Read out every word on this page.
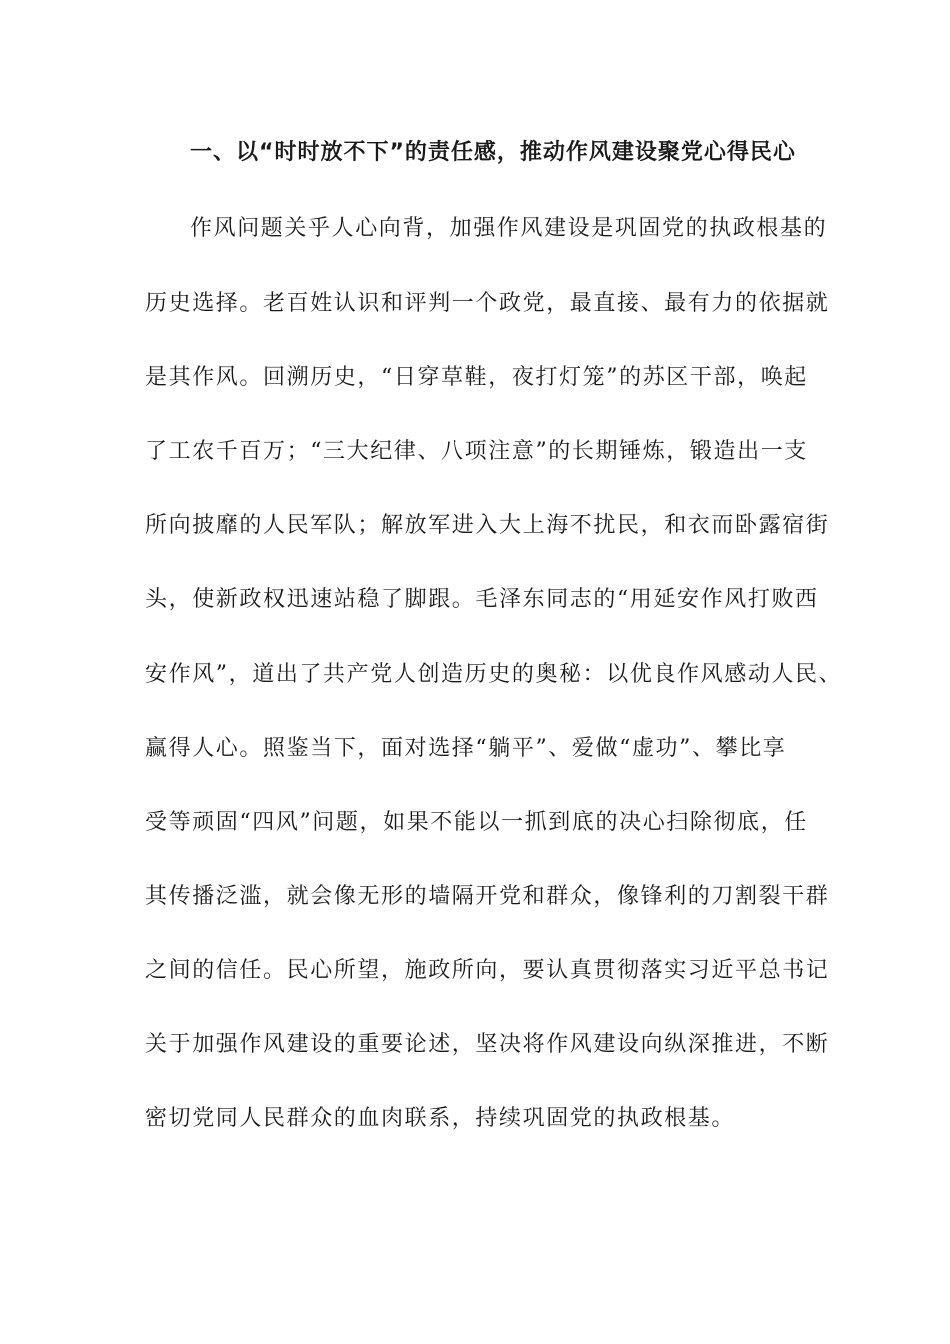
一、以“时时放不下”的责任感，推动作风建设聚党心得民心
作风问题关乎人心向背，加强作风建设是巩固党的执政根基的
历史选择。老百姓认识和评判一个政党，最直接、最有力的依据就
是其作风。回溯历史，“日穿草鞋，夜打灯笼”的苏区干部，唤起
了工农千百万；“三大纪律、八项注意”的长期锤炼，锻造出一支
所向披靡的人民军队；解放军进入大上海不扰民，和衣而卧露宿街
头，使新政权迅速站稳了脚跟。毛泽东同志的“用延安作风打败西
安作风”，道出了共产党人创造历史的奥秘：以优良作风感动人民、
赢得人心。照鉴当下，面对选择“躺平”、爱做“虚功”、攀比享
受等顽固“四风”问题，如果不能以一抓到底的决心扫除彻底，任
其传播泛滥，就会像无形的墙隔开党和群众，像锋利的刀割裂干群
之间的信任。民心所望，施政所向，要认真贯彻落实习近平总书记
关于加强作风建设的重要论述，坚决将作风建设向纵深推进，不断
密切党同人民群众的血肉联系，持续巩固党的执政根基。
